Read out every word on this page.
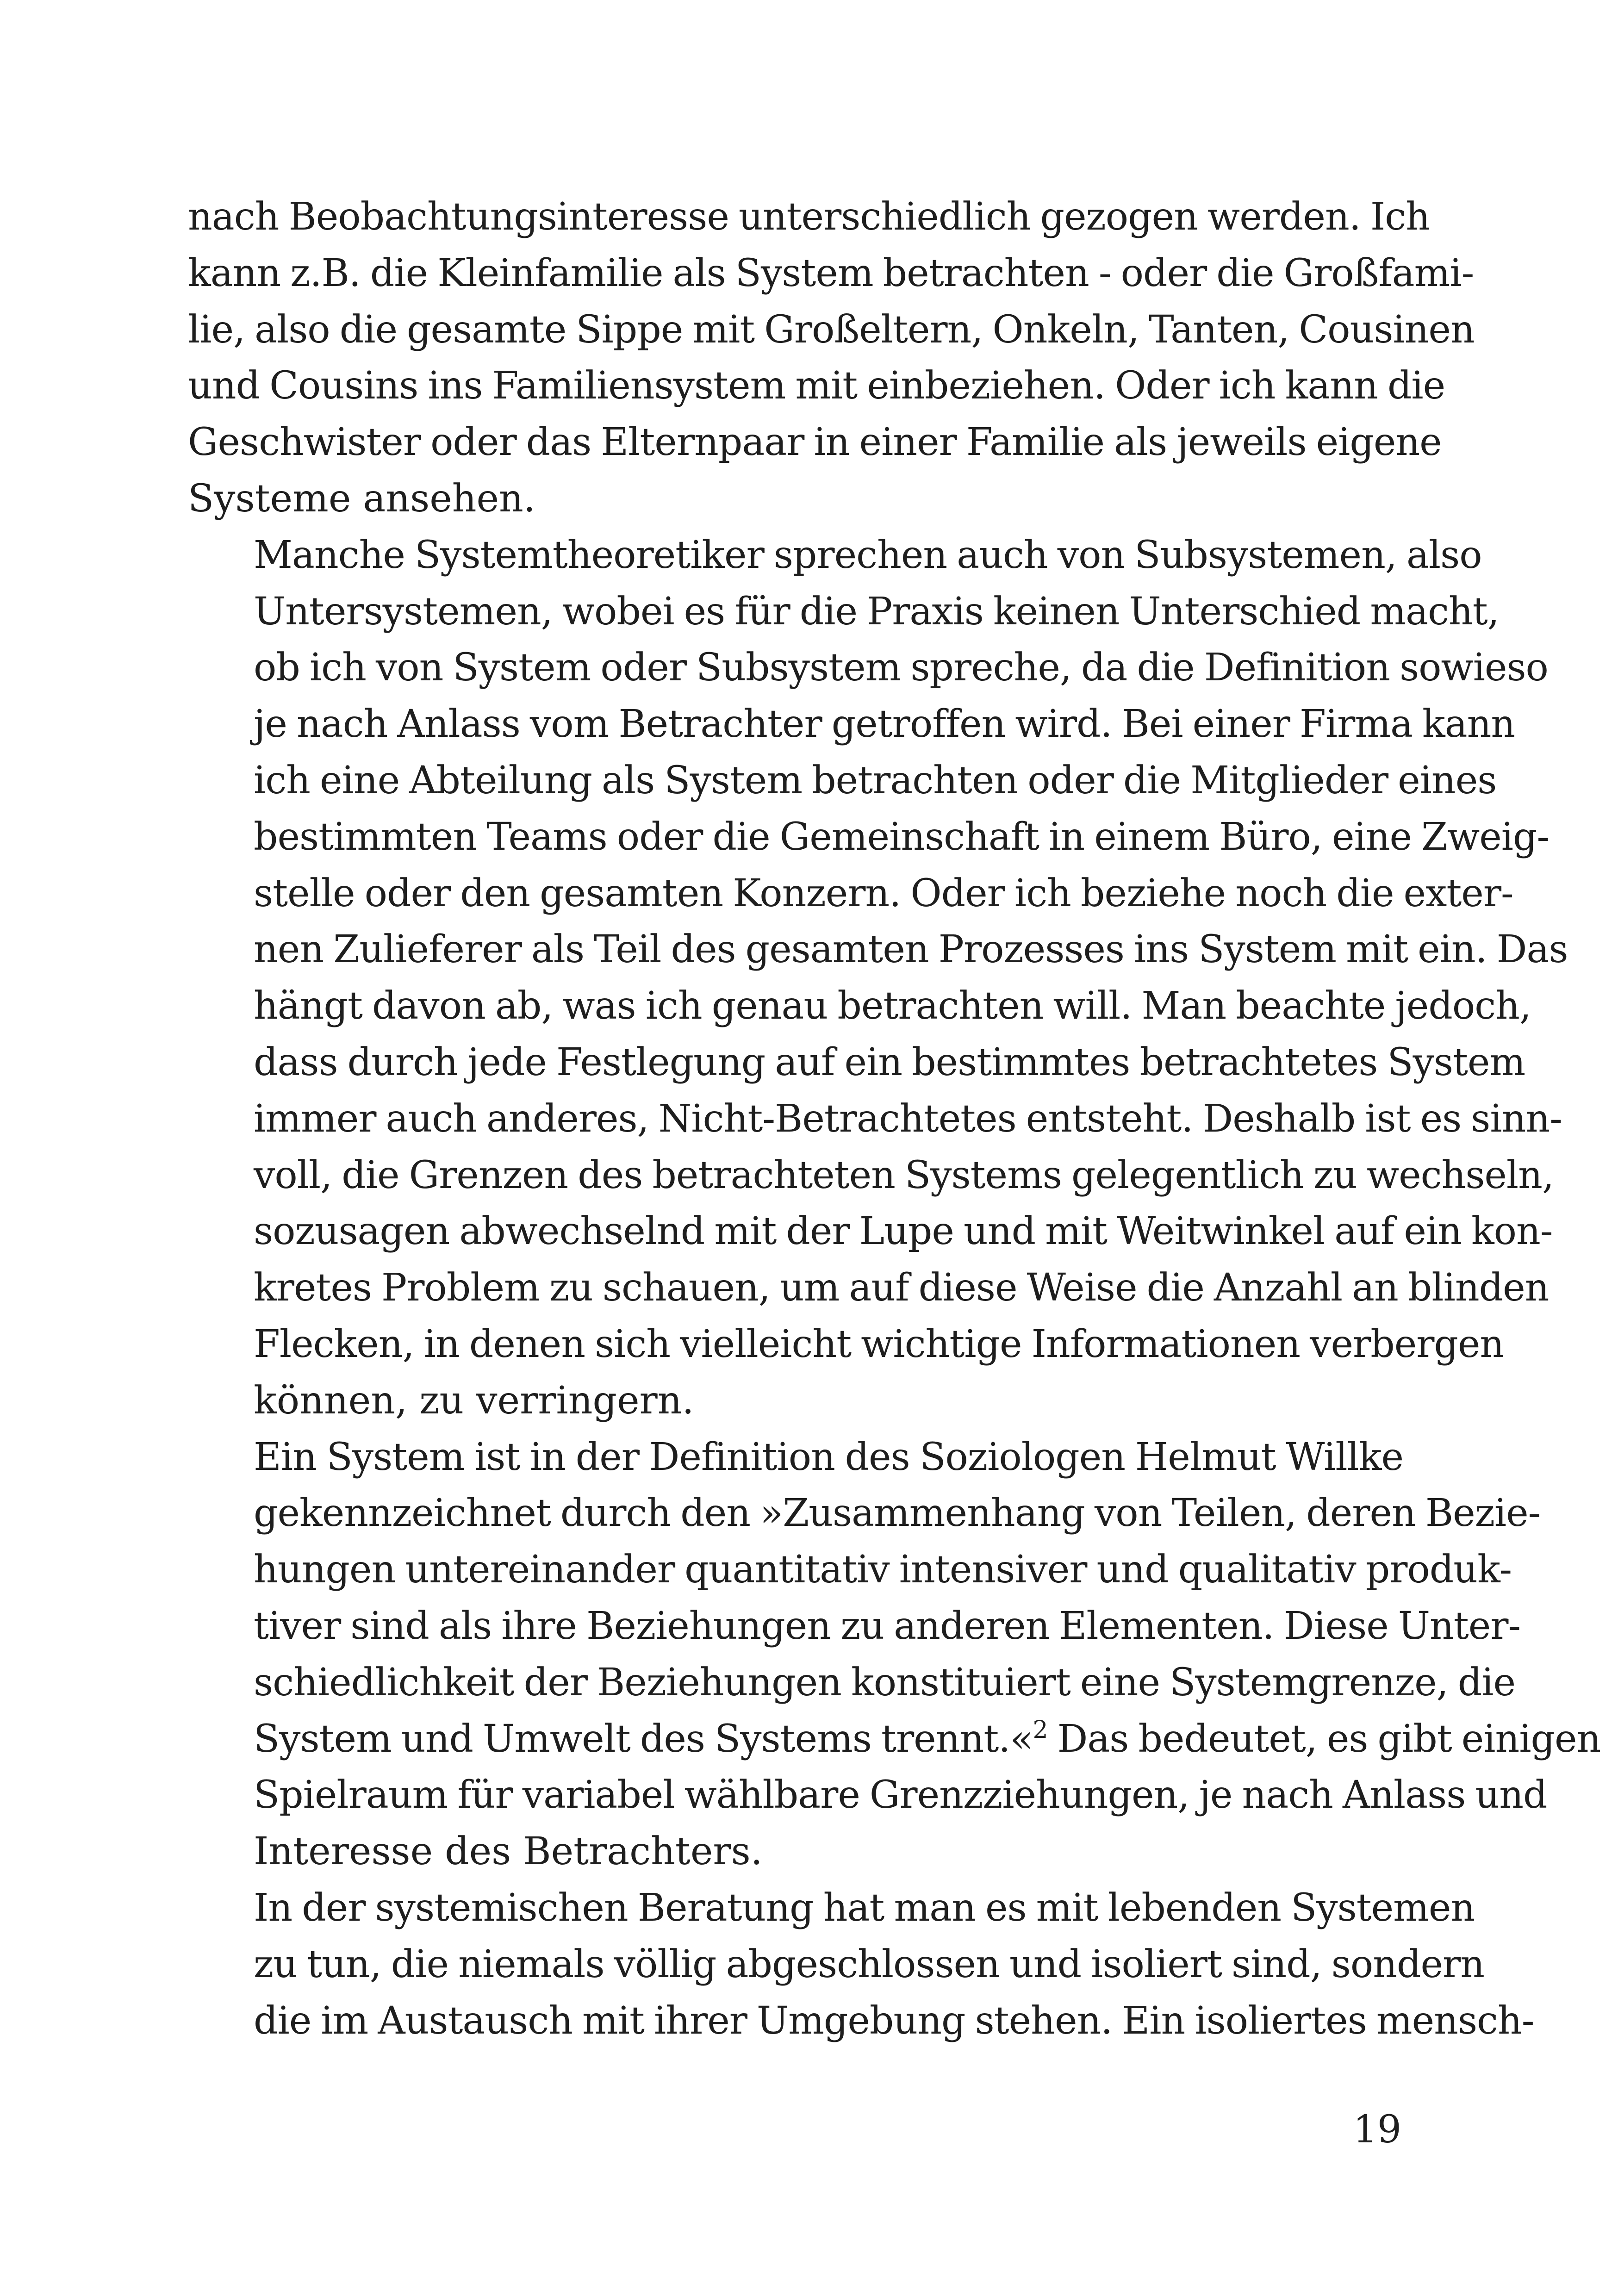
nach Beobachtungsinteresse unterschiedlich gezogen werden. Ich
kann z.B. die Kleinfamilie als System betrachten - oder die Großfami-
lie, also die gesamte Sippe mit Großeltern, Onkeln, Tanten, Cousinen
und Cousins ins Familiensystem mit einbeziehen. Oder ich kann die
Geschwister oder das Elternpaar in einer Familie als jeweils eigene
Systeme ansehen.

Manche Systemtheoretiker sprechen auch von Subsystemen, also
Untersystemen, wobei es für die Praxis keinen Unterschied macht,
ob ich von System oder Subsystem spreche, da die Definition sowieso
je nach Anlass vom Betrachter getroffen wird. Bei einer Firma kann
ich eine Abteilung als System betrachten oder die Mitglieder eines
bestimmten Teams oder die Gemeinschaft in einem Büro, eine Zweig-
stelle oder den gesamten Konzern. Oder ich beziehe noch die exter-
nen Zulieferer als Teil des gesamten Prozesses ins System mit ein. Das
hängt davon ab, was ich genau betrachten will. Man beachte jedoch,
dass durch jede Festlegung auf ein bestimmtes betrachtetes System
immer auch anderes, Nicht-Betrachtetes entsteht. Deshalb ist es sinn-
voll, die Grenzen des betrachteten Systems gelegentlich zu wechseln,
sozusagen abwechselnd mit der Lupe und mit Weitwinkel auf ein kon-
kretes Problem zu schauen, um auf diese Weise die Anzahl an blinden
Flecken, in denen sich vielleicht wichtige Informationen verbergen
können, zu verringern.

Ein System ist in der Definition des Soziologen Helmut Willke
gekennzeichnet durch den »Zusammenhang von Teilen, deren Bezie-
hungen untereinander quantitativ intensiver und qualitativ produk-
tiver sind als ihre Beziehungen zu anderen Elementen. Diese Unter-
schiedlichkeit der Beziehungen konstituiert eine Systemgrenze, die
System und Umwelt des Systems trennt.«$^2$ Das bedeutet, es gibt einigen
Spielraum für variabel wählbare Grenzziehungen, je nach Anlass und
Interesse des Betrachters.

In der systemischen Beratung hat man es mit lebenden Systemen
zu tun, die niemals völlig abgeschlossen und isoliert sind, sondern
die im Austausch mit ihrer Umgebung stehen. Ein isoliertes mensch-

19
